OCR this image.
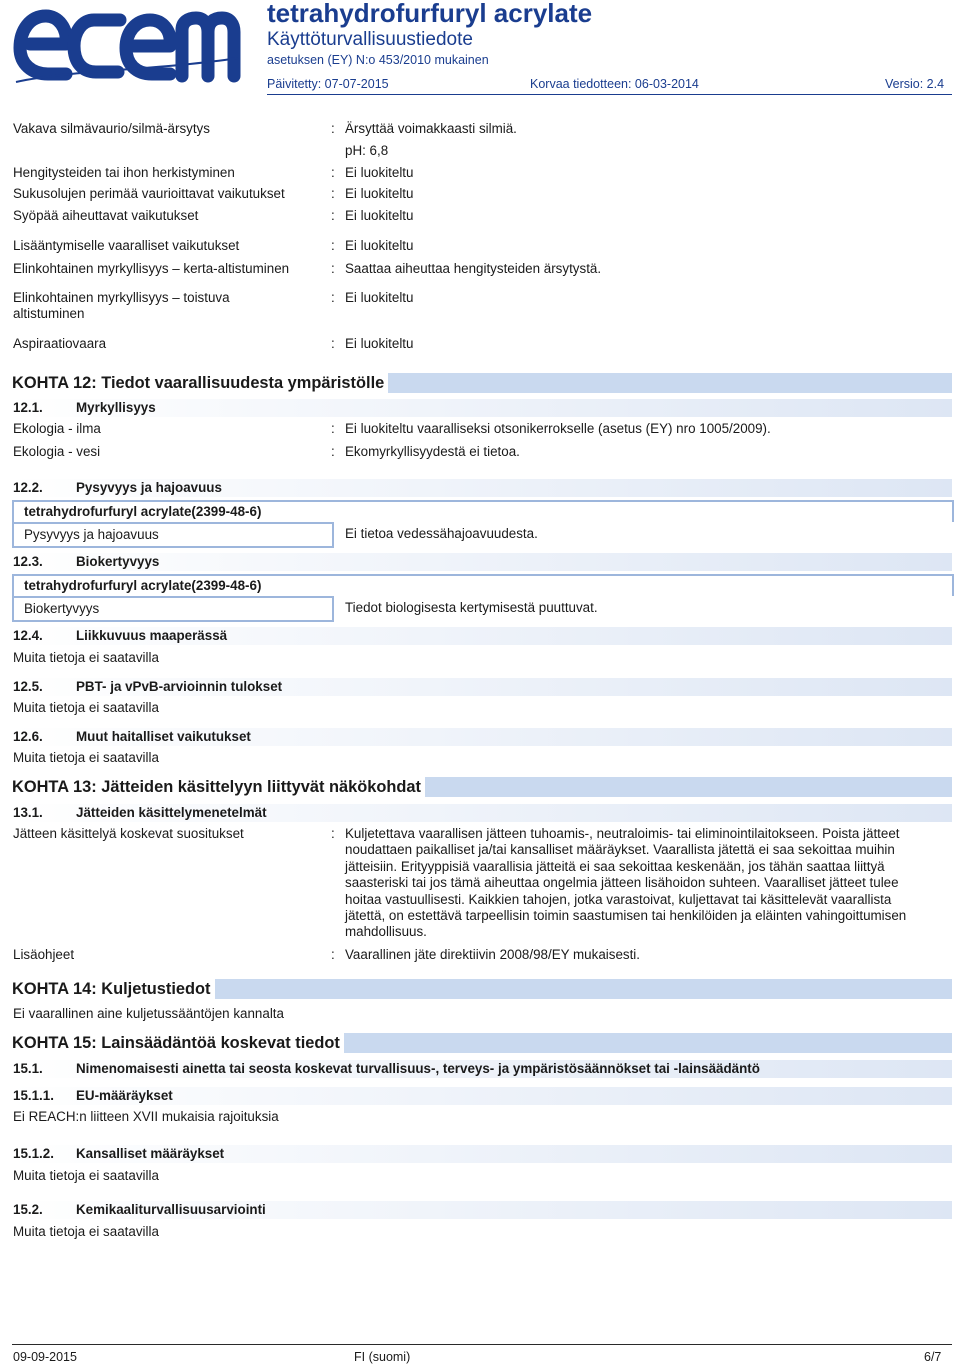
tetrahydrofurfuryl acrylate
Käyttöturvallisuustiedote
asetuksen (EY) N:o 453/2010 mukainen
Päivitetty: 07-07-2015	Korvaa tiedotteen: 06-03-2014	Versio: 2.4
Vakava silmävaurio/silmä-ärsytys	: Ärsyttää voimakkaasti silmiä.
pH: 6,8
Hengitysteiden tai ihon herkistyminen	: Ei luokiteltu
Sukusolujen perimää vaurioittavat vaikutukset	: Ei luokiteltu
Syöpää aiheuttavat vaikutukset	: Ei luokiteltu
Lisääntymiselle vaaralliset vaikutukset	: Ei luokiteltu
Elinkohtainen myrkyllisyys – kerta-altistuminen	: Saattaa aiheuttaa hengitysteiden ärsytystä.
Elinkohtainen myrkyllisyys – toistuva
altistuminen
: Ei luokiteltu
Aspiraatiovaara	: Ei luokiteltu
KOHTA 12: Tiedot vaarallisuudesta ympäristölle
12.1. Myrkyllisyys
Ekologia - ilma	: Ei luokiteltu vaaralliseksi otsonikerrokselle (asetus (EY) nro 1005/2009).
Ekologia - vesi	: Ekomyrkyllisyydestä ei tietoa.
12.2. Pysyvyys ja hajoavuus
tetrahydrofurfuryl acrylate(2399-48-6)
Pysyvyys ja hajoavuus	Ei tietoa vedessähajoavuudesta.
12.3. Biokertyvyys
tetrahydrofurfuryl acrylate(2399-48-6)
Biokertyvyys	Tiedot biologisesta kertymisestä puuttuvat.
12.4. Liikkuvuus maaperässä
Muita tietoja ei saatavilla
12.5. PBT- ja vPvB-arvioinnin tulokset
Muita tietoja ei saatavilla
12.6. Muut haitalliset vaikutukset
Muita tietoja ei saatavilla
KOHTA 13: Jätteiden käsittelyyn liittyvät näkökohdat
13.1. Jätteiden käsittelymenetelmät
Jätteen käsittelyä koskevat suositukset	: Kuljetettava vaarallisen jätteen tuhoamis-, neutraloimis- tai eliminointilaitokseen. Poista jätteet
noudattaen paikalliset ja/tai kansalliset määräykset. Vaarallista jätettä ei saa sekoittaa muihin
jätteisiin. Erityyppisiä vaarallisia jätteitä ei saa sekoittaa keskenään, jos tähän saattaa liittyä
saasteriski tai jos tämä aiheuttaa ongelmia jätteen lisähoidon suhteen. Vaaralliset jätteet tulee
hoitaa vastuullisesti. Kaikkien tahojen, jotka varastoivat, kuljettavat tai käsittelevät vaarallista
jätettä, on estettävä tarpeellisin toimin saastumisen tai henkilöiden ja eläinten vahingoittumisen
mahdollisuus.
Lisäohjeet	: Vaarallinen jäte direktiivin 2008/98/EY mukaisesti.
KOHTA 14: Kuljetustiedot
Ei vaarallinen aine kuljetussääntöjen kannalta
KOHTA 15: Lainsäädäntöä koskevat tiedot
15.1. Nimenomaisesti ainetta tai seosta koskevat turvallisuus-, terveys- ja ympäristösäännökset tai -lainsäädäntö
15.1.1. EU-määräykset
Ei REACH:n liitteen XVII mukaisia rajoituksia
15.1.2. Kansalliset määräykset
Muita tietoja ei saatavilla
15.2. Kemikaaliturvallisuusarviointi
Muita tietoja ei saatavilla
09-09-2015	FI (suomi)	6/7
